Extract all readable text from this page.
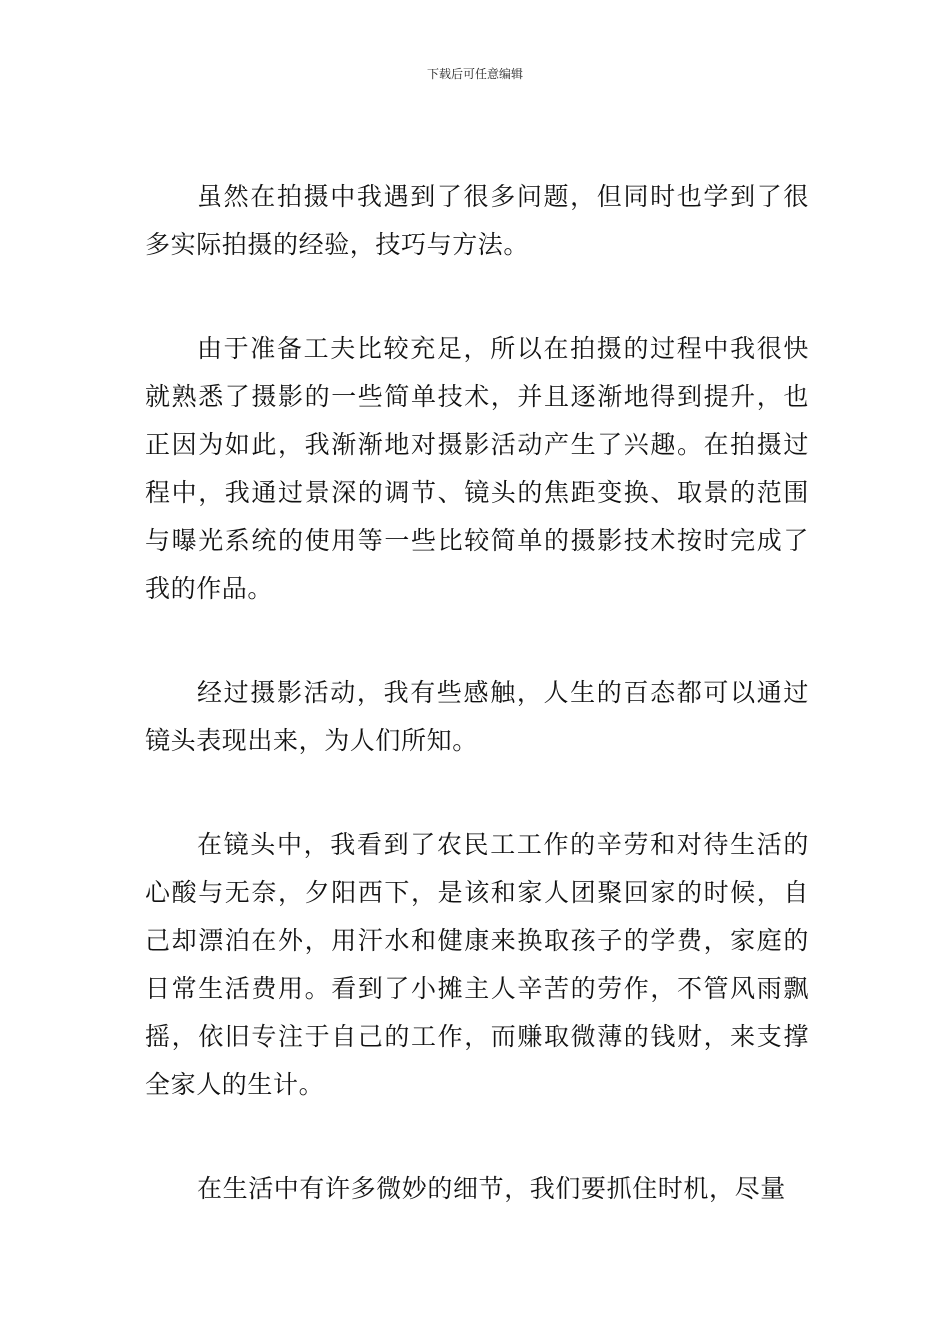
下载后可任意编辑

虽然在拍摄中我遇到了很多问题，但同时也学到了很多实际拍摄的经验，技巧与方法。

由于准备工夫比较充足，所以在拍摄的过程中我很快就熟悉了摄影的一些简单技术，并且逐渐地得到提升，也正因为如此，我渐渐地对摄影活动产生了兴趣。在拍摄过程中，我通过景深的调节、镜头的焦距变换、取景的范围与曝光系统的使用等一些比较简单的摄影技术按时完成了我的作品。

经过摄影活动，我有些感触，人生的百态都可以通过镜头表现出来，为人们所知。

在镜头中，我看到了农民工工作的辛劳和对待生活的心酸与无奈，夕阳西下，是该和家人团聚回家的时候，自己却漂泊在外，用汗水和健康来换取孩子的学费，家庭的日常生活费用。看到了小摊主人辛苦的劳作，不管风雨飘摇，依旧专注于自己的工作，而赚取微薄的钱财，来支撑全家人的生计。

在生活中有许多微妙的细节，我们要抓住时机，尽量
